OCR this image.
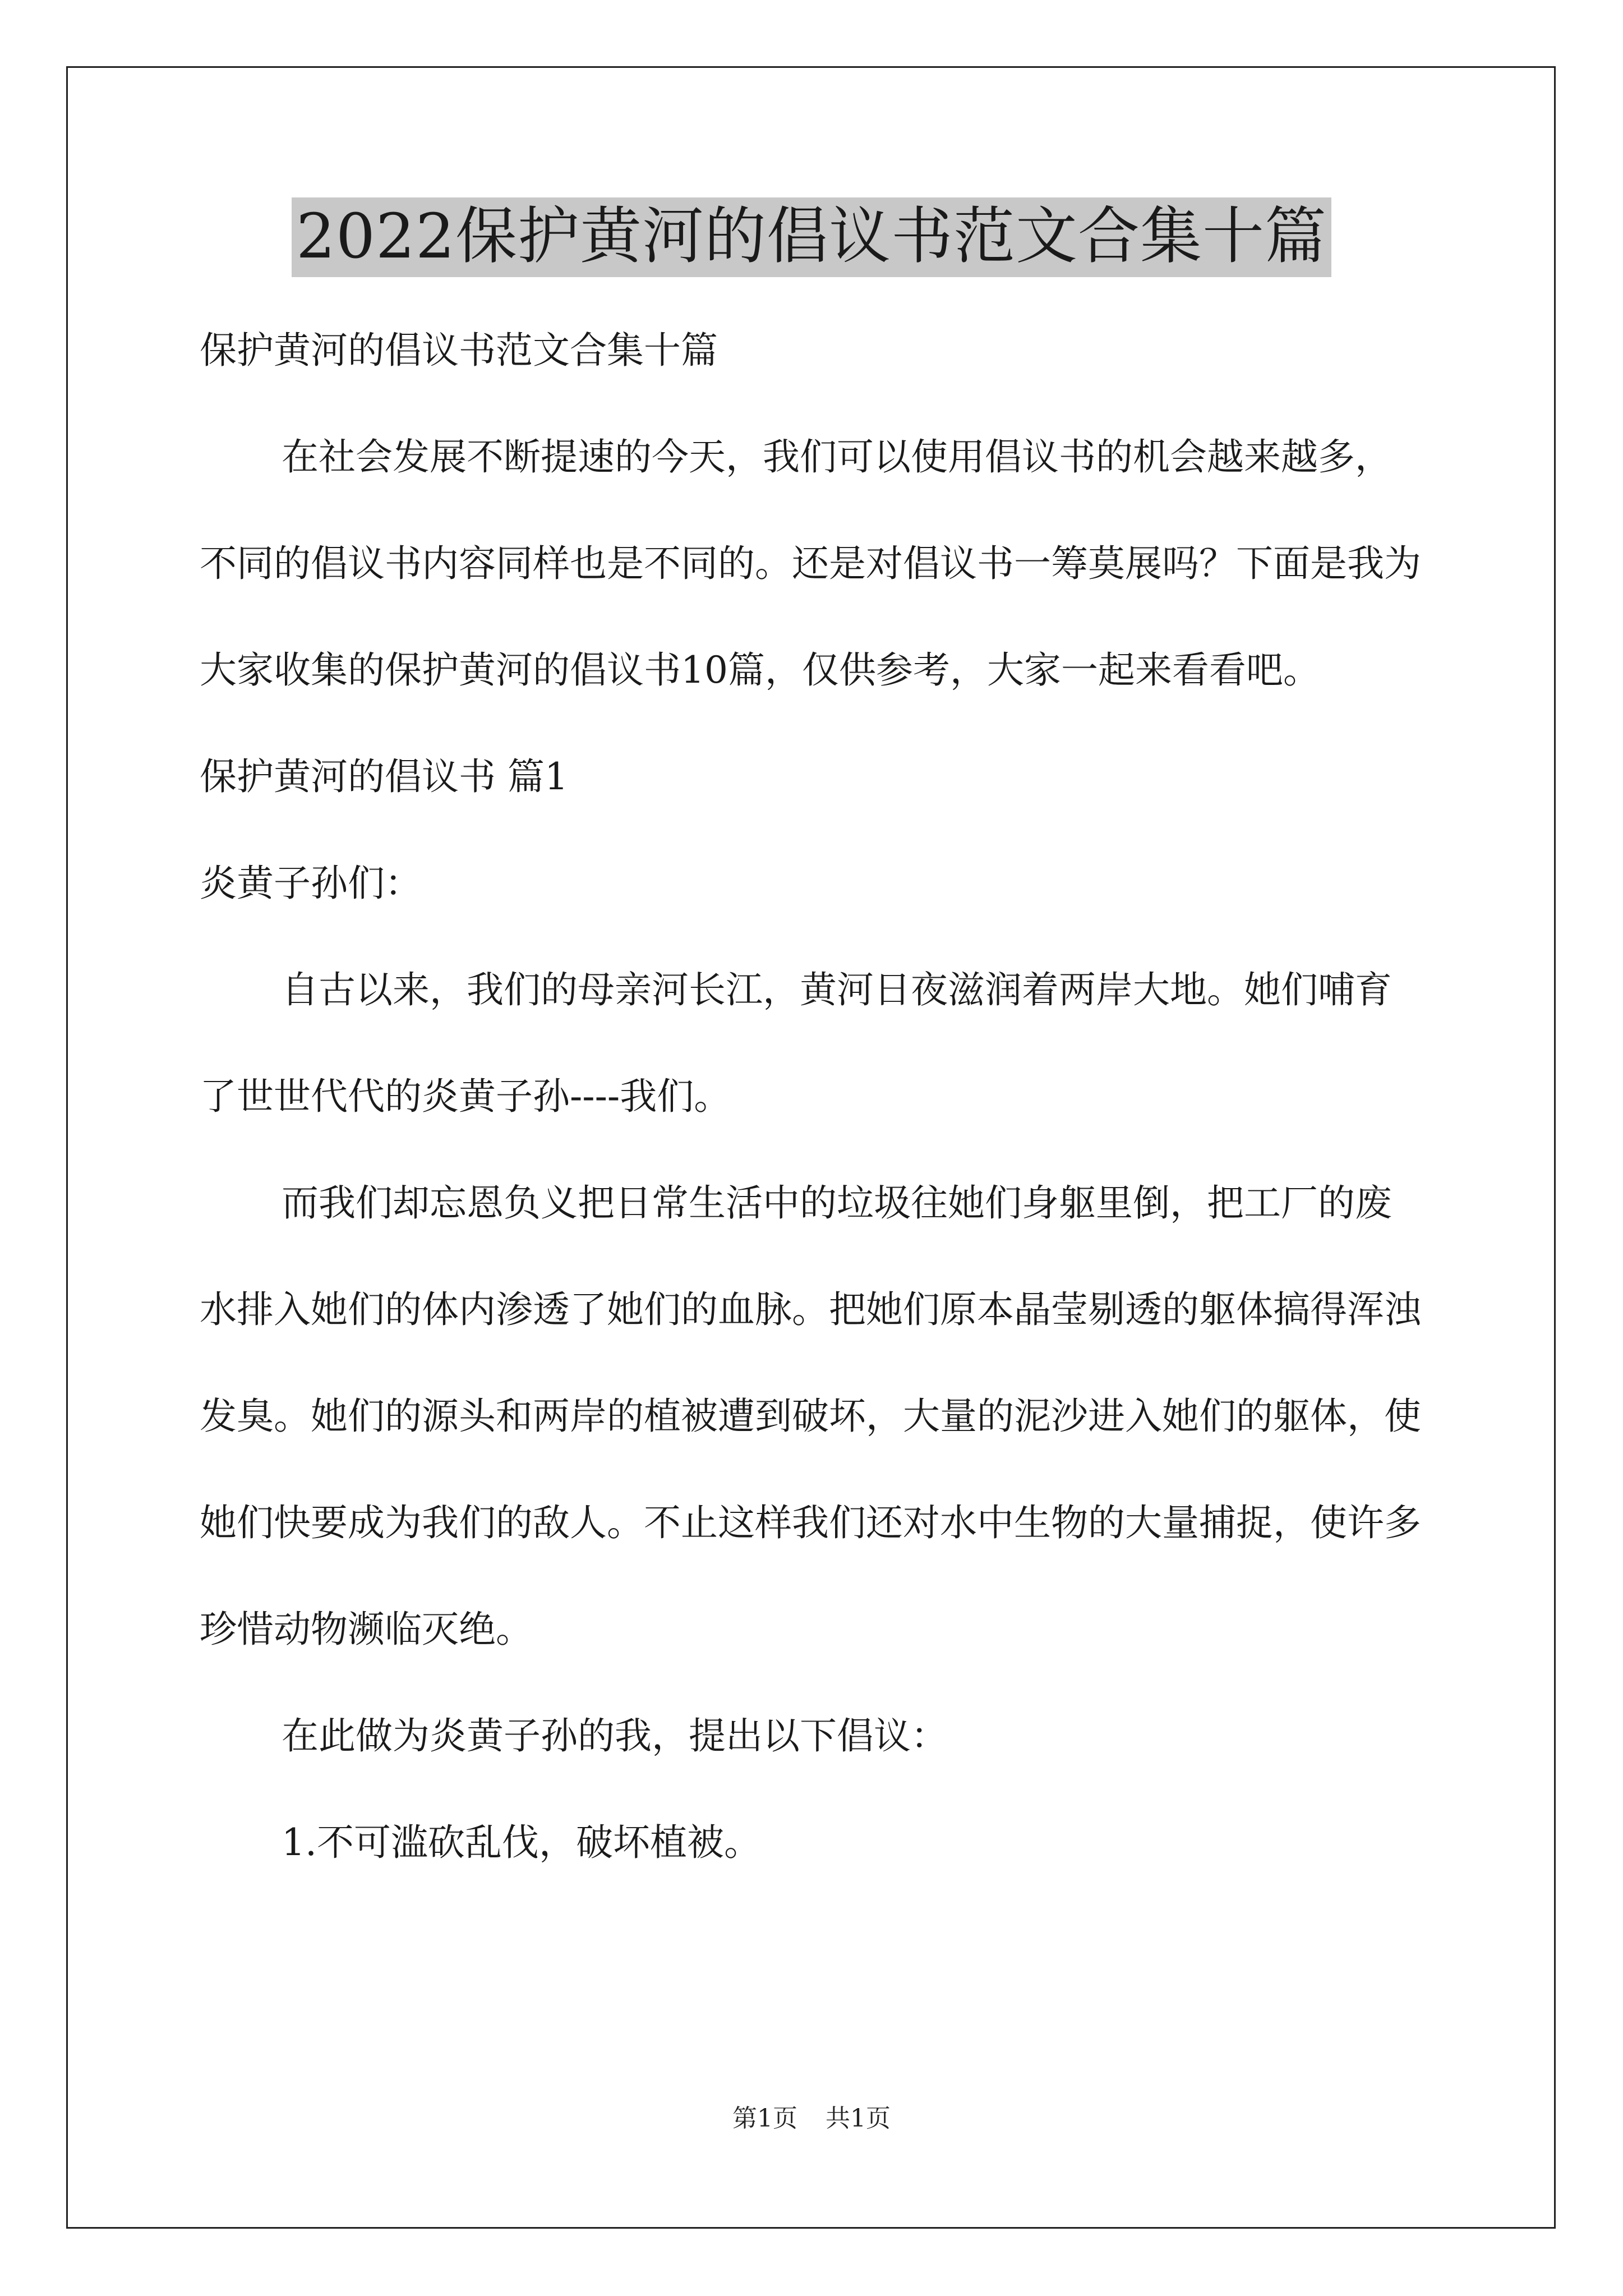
2022保护黄河的倡议书范文合集十篇

保护黄河的倡议书范文合集十篇

在社会发展不断提速的今天，我们可以使用倡议书的机会越来越多，不同的倡议书内容同样也是不同的。还是对倡议书一筹莫展吗？下面是我为大家收集的保护黄河的倡议书10篇，仅供参考，大家一起来看看吧。

保护黄河的倡议书 篇1

炎黄子孙们：

自古以来，我们的母亲河长江，黄河日夜滋润着两岸大地。她们哺育了世世代代的炎黄子孙----我们。

而我们却忘恩负义把日常生活中的垃圾往她们身躯里倒，把工厂的废水排入她们的体内渗透了她们的血脉。把她们原本晶莹剔透的躯体搞得浑浊发臭。她们的源头和两岸的植被遭到破坏，大量的泥沙进入她们的躯体，使她们快要成为我们的敌人。不止这样我们还对水中生物的大量捕捉，使许多珍惜动物濒临灭绝。

在此做为炎黄子孙的我，提出以下倡议：

1.不可滥砍乱伐，破坏植被。

第1页 共1页
